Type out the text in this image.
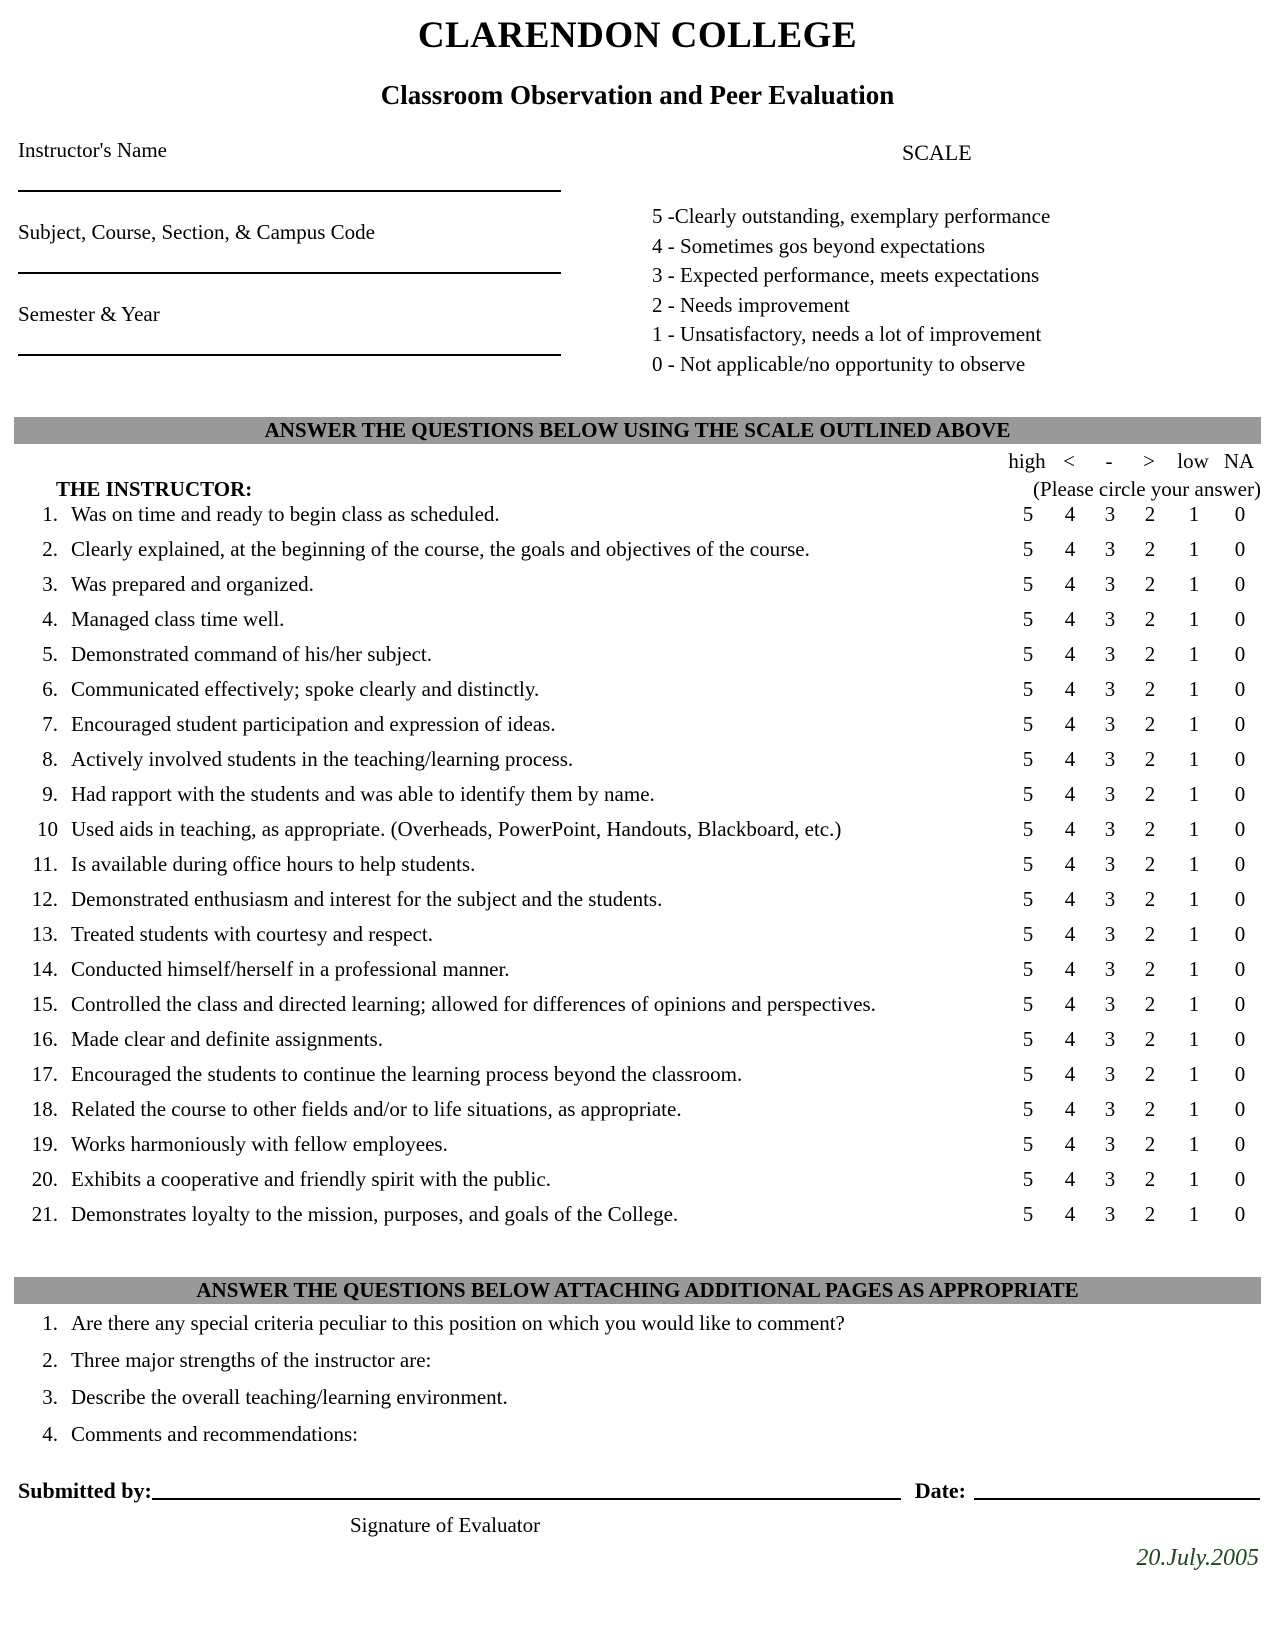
CLARENDON COLLEGE
Classroom Observation and Peer Evaluation
Instructor's Name
Subject, Course, Section, & Campus Code
Semester & Year
SCALE
5 -Clearly outstanding, exemplary performance
4 - Sometimes gos beyond expectations
3 - Expected performance, meets expectations
2 - Needs improvement
1 - Unsatisfactory, needs a lot of improvement
0 - Not applicable/no opportunity to observe
ANSWER THE QUESTIONS BELOW USING THE SCALE OUTLINED ABOVE
high <	-	>	low NA
(Please circle your answer)
THE INSTRUCTOR:
1. Was on time and ready to begin class as scheduled.	5	4	3	2	1	0
2. Clearly explained, at the beginning of the course, the goals and objectives of the course.	5	4	3	2	1	0
3. Was prepared and organized.	5	4	3	2	1	0
4. Managed class time well.	5	4	3	2	1	0
5. Demonstrated command of his/her subject.	5	4	3	2	1	0
6. Communicated effectively; spoke clearly and distinctly.	5	4	3	2	1	0
7. Encouraged student participation and expression of ideas.	5	4	3	2	1	0
8. Actively involved students in the teaching/learning process.	5	4	3	2	1	0
9. Had rapport with the students and was able to identify them by name.	5	4	3	2	1	0
10 Used aids in teaching, as appropriate. (Overheads, PowerPoint, Handouts, Blackboard, etc.)	5	4	3	2	1	0
11. Is available during office hours to help students.	5	4	3	2	1	0
12. Demonstrated enthusiasm and interest for the subject and the students.	5	4	3	2	1	0
13. Treated students with courtesy and respect.	5	4	3	2	1	0
14. Conducted himself/herself in a professional manner.	5	4	3	2	1	0
15. Controlled the class and directed learning; allowed for differences of opinions and perspectives.	5	4	3	2	1	0
16. Made clear and definite assignments.	5	4	3	2	1	0
17. Encouraged the students to continue the learning process beyond the classroom.	5	4	3	2	1	0
18. Related the course to other fields and/or to life situations, as appropriate.	5	4	3	2	1	0
19. Works harmoniously with fellow employees.	5	4	3	2	1	0
20. Exhibits a cooperative and friendly spirit with the public.	5	4	3	2	1	0
21. Demonstrates loyalty to the mission, purposes, and goals of the College.	5	4	3	2	1	0
ANSWER THE QUESTIONS BELOW ATTACHING ADDITIONAL PAGES AS APPROPRIATE
1. Are there any special criteria peculiar to this position on which you would like to comment?
2. Three major strengths of the instructor are:
3. Describe the overall teaching/learning environment.
4. Comments and recommendations:
Submitted by:	Date:
Signature of Evaluator
20.July.2005
